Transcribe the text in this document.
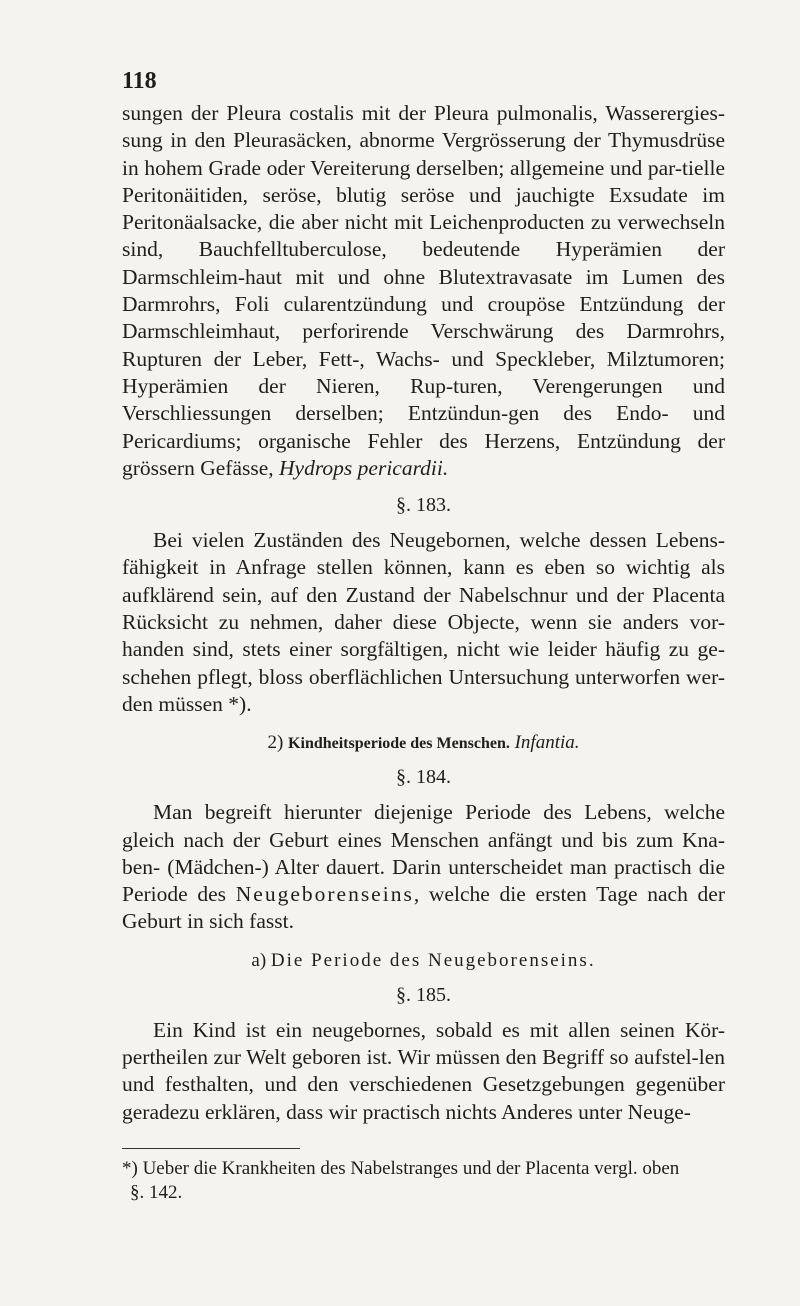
118

sungen der Pleura costalis mit der Pleura pulmonalis, Wasserergies-sung in den Pleurasäcken, abnorme Vergrösserung der Thymusdrüse in hohem Grade oder Vereiterung derselben; allgemeine und par-tielle Peritonäitiden, seröse, blutig seröse und jauchigte Exsudate im Peritonäalsacke, die aber nicht mit Leichenproducten zu verwechseln sind, Bauchfelltuberculose, bedeutende Hyperämien der Darmschleim-haut mit und ohne Blutextravasate im Lumen des Darmrohrs, Foli cularentzündung und croupöse Entzündung der Darmschleimhaut, perforirende Verschwärung des Darmrohrs, Rupturen der Leber, Fett-, Wachs- und Speckleber, Milztumoren; Hyperämien der Nieren, Rup-turen, Verengerungen und Verschliessungen derselben; Entzündun-gen des Endo- und Pericardiums; organische Fehler des Herzens, Entzündung der grössern Gefässe, Hydrops pericardii.

§. 183.

Bei vielen Zuständen des Neugebornen, welche dessen Lebens-fähigkeit in Anfrage stellen können, kann es eben so wichtig als aufklärend sein, auf den Zustand der Nabelschnur und der Placenta Rücksicht zu nehmen, daher diese Objecte, wenn sie anders vor-handen sind, stets einer sorgfältigen, nicht wie leider häufig zu ge-schehen pflegt, bloss oberflächlichen Untersuchung unterworfen wer-den müssen *).

2) Kindheitsperiode des Menschen. Infantia.
§. 184.

Man begreift hierunter diejenige Periode des Lebens, welche gleich nach der Geburt eines Menschen anfängt und bis zum Kna-ben- (Mädchen-) Alter dauert. Darin unterscheidet man practisch die Periode des Neugeborenseins, welche die ersten Tage nach der Geburt in sich fasst.

a) Die Periode des Neugeborenseins.
§. 185.

Ein Kind ist ein neugebornes, sobald es mit allen seinen Kör-pertheilen zur Welt geboren ist. Wir müssen den Begriff so aufstel-len und festhalten, und den verschiedenen Gesetzgebungen gegenüber geradezu erklären, dass wir practisch nichts Anderes unter Neuge-

*) Ueber die Krankheiten des Nabelstranges und der Placenta vergl. oben
§. 142.
